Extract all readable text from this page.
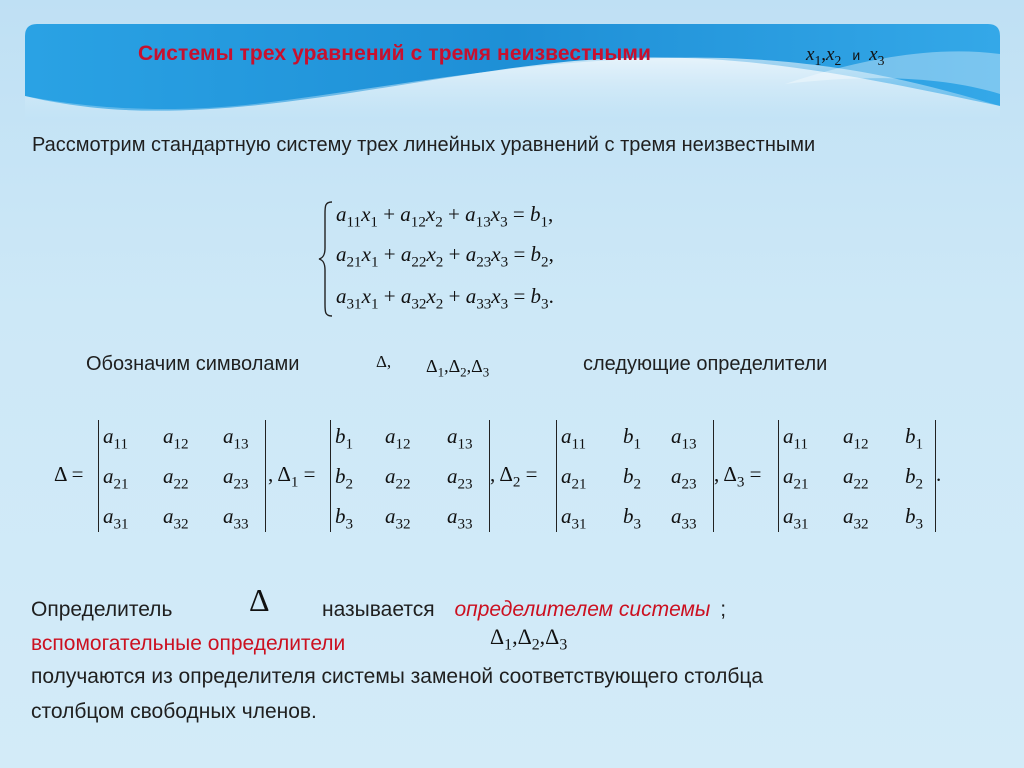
Системы трех уравнений с тремя неизвестными	$x_1,x_2$ и $x_3$
Рассмотрим стандартную систему трех линейных уравнений с тремя неизвестными
$a_{11}x_1 + a_{12}x_2 + a_{13}x_3 = b_1$,
$a_{21}x_1 + a_{22}x_2 + a_{23}x_3 = b_2$,
$a_{31}x_1 + a_{32}x_2 + a_{33}x_3 = b_3$.
Обозначим символами	Δ, $\Delta_1,\Delta_2,\Delta_3$	следующие определители
Δ =
$a_{11}$ $a_{12}$ $a_{13}$
$a_{21}$ $a_{22}$ $a_{23}$
$a_{31}$ $a_{32}$ $a_{33}$
, $\Delta_1$ =
$b_1$ $a_{12}$ $a_{13}$
$b_2$ $a_{22}$ $a_{23}$
$b_3$ $a_{32}$ $a_{33}$
, $\Delta_2$ =
$a_{11}$ $b_1$ $a_{13}$
$a_{21}$ $b_2$ $a_{23}$
$a_{31}$ $b_3$ $a_{33}$
, $\Delta_3$ =
$a_{11}$ $a_{12}$ $b_1$
$a_{21}$ $a_{22}$ $b_2$
$a_{31}$ $a_{32}$ $b_3$
.
Определитель Δ называется определителем системы ;
вспомогательные определители	$\Delta_1,\Delta_2,\Delta_3$
получаются из определителя системы заменой соответствующего столбца
столбцом свободных членов.
